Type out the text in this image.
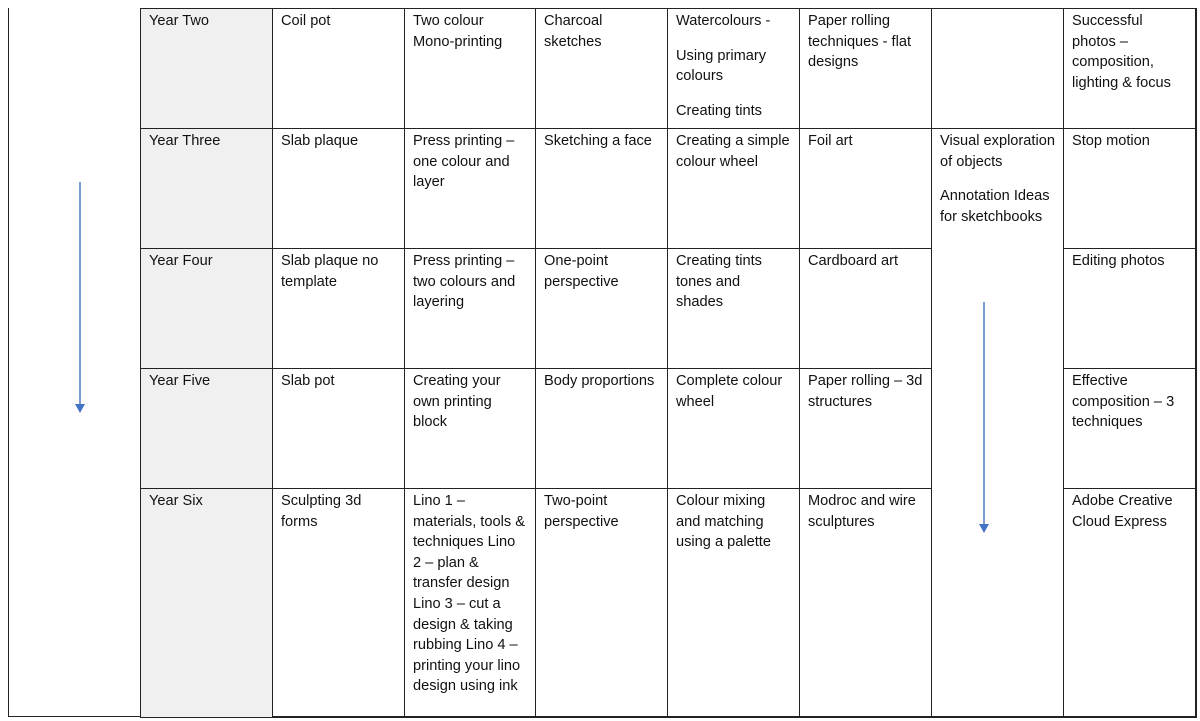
Year Two	Coil pot	Two colour Mono-printing	Charcoal sketches	Watercolours -
Using primary colours
Creating tints	Paper rolling techniques - flat designs		Successful photos – composition, lighting & focus
Year Three	Slab plaque	Press printing – one colour and layer	Sketching a face	Creating a simple colour wheel	Foil art	Visual exploration of objects
Annotation Ideas for sketchbooks	Stop motion
Year Four	Slab plaque no template	Press printing – two colours and layering	One-point perspective	Creating tints tones and shades	Cardboard art		Editing photos
Year Five	Slab pot	Creating your own printing block	Body proportions	Complete colour wheel	Paper rolling – 3d structures		Effective composition – 3 techniques
Year Six	Sculpting 3d forms	Lino 1 – materials, tools & techniques Lino 2 – plan & transfer design Lino 3 – cut a design & taking rubbing Lino 4 – printing your lino design using ink	Two-point perspective	Colour mixing and matching using a palette	Modroc and wire sculptures		Adobe Creative Cloud Express
